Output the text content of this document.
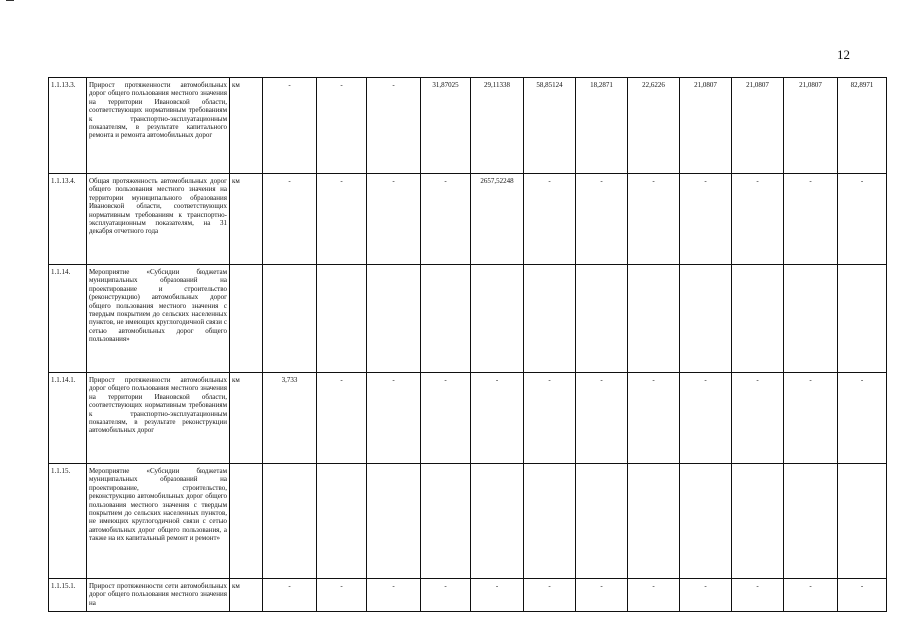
12
1.1.13.3.	Прирост протяженности автомобильных дорог общего пользования местного значения на территории Ивановской области, соответствующих нормативным требованиям к транспортно-эксплуатационным показателям, в результате капитального ремонта и ремонта автомобильных дорог	км	-	-	-	31,87025	29,11338	58,85124	18,2871	22,6226	21,0807	21,0807	21,0807	82,8971
1.1.13.4.	Общая протяженность автомобильных дорог общего пользования местного значения на территории муниципального образования Ивановской области, соответствующих нормативным требованиям к транспортно-эксплуатационным показателям, на 31 декабря отчетного года	км	-	-	-	-	2657,52248	-	-	-	-	-	-	-
1.1.14.	Мероприятие «Субсидии бюджетам муниципальных образований на проектирование и строительство (реконструкцию) автомобильных дорог общего пользования местного значения с твердым покрытием до сельских населенных пунктов, не имеющих круглогодичной связи с сетью автомобильных дорог общего пользования»													
1.1.14.1.	Прирост протяженности автомобильных дорог общего пользования местного значения на территории Ивановской области, соответствующих нормативным требованиям к транспортно-эксплуатационным показателям, в результате реконструкции автомобильных дорог	км	3,733	-	-	-	-	-	-	-	-	-	-	-
1.1.15.	Мероприятие «Субсидии бюджетам муниципальных образований на проектирование, строительство, реконструкцию автомобильных дорог общего пользования местного значения с твердым покрытием до сельских населенных пунктов, не имеющих круглогодичной связи с сетью автомобильных дорог общего пользования, а также на их капитальный ремонт и ремонт»													
1.1.15.1.	Прирост протяженности сети автомобильных дорог общего пользования местного значения на	км	-	-	-	-	-	-	-	-	-	-	-	-
